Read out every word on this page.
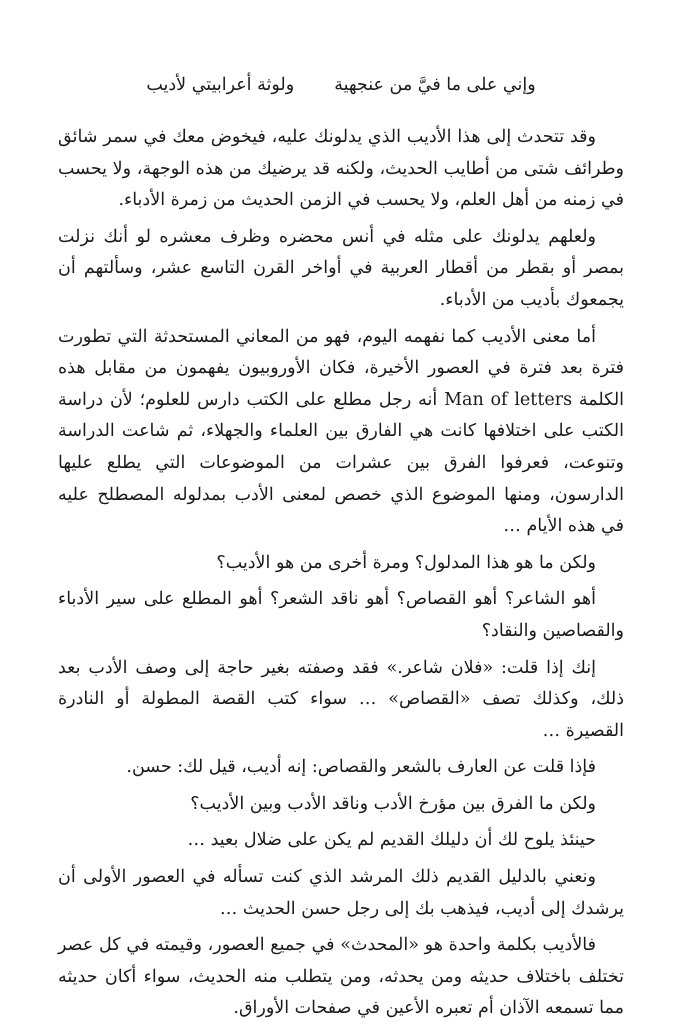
وإني على ما فيَّ من عنجهية
ولوثة أعرابيتي لأديب

وقد تتحدث إلى هذا الأديب الذي يدلونك عليه، فيخوض معك في سمر شائق وطرائف شتى من أطايب الحديث، ولكنه قد يرضيك من هذه الوجهة، ولا يحسب في زمنه من أهل العلم، ولا يحسب في الزمن الحديث من زمرة الأدباء.

ولعلهم يدلونك على مثله في أنس محضره وظرف معشره لو أنك نزلت بمصر أو بقطر من أقطار العربية في أواخر القرن التاسع عشر، وسألتهم أن يجمعوك بأديب من الأدباء.

أما معنى الأديب كما نفهمه اليوم، فهو من المعاني المستحدثة التي تطورت فترة بعد فترة في العصور الأخيرة، فكان الأوروبيون يفهمون من مقابل هذه الكلمة Man of letters أنه رجل مطلع على الكتب دارس للعلوم؛ لأن دراسة الكتب على اختلافها كانت هي الفارق بين العلماء والجهلاء، ثم شاعت الدراسة وتنوعت، فعرفوا الفرق بين عشرات من الموضوعات التي يطلع عليها الدارسون، ومنها الموضوع الذي خصص لمعنى الأدب بمدلوله المصطلح عليه في هذه الأيام …

ولكن ما هو هذا المدلول؟ ومرة أخرى من هو الأديب؟

أهو الشاعر؟ أهو القصاص؟ أهو ناقد الشعر؟ أهو المطلع على سير الأدباء والقصاصين والنقاد؟

إنك إذا قلت: «فلان شاعر.» فقد وصفته بغير حاجة إلى وصف الأدب بعد ذلك، وكذلك تصف «القصاص» … سواء كتب القصة المطولة أو النادرة القصيرة …

فإذا قلت عن العارف بالشعر والقصاص: إنه أديب، قيل لك: حسن.

ولكن ما الفرق بين مؤرخ الأدب وناقد الأدب وبين الأديب؟

حينئذ يلوح لك أن دليلك القديم لم يكن على ضلال بعيد …

ونعني بالدليل القديم ذلك المرشد الذي كنت تسأله في العصور الأولى أن يرشدك إلى أديب، فيذهب بك إلى رجل حسن الحديث …

فالأديب بكلمة واحدة هو «المحدث» في جميع العصور، وقيمته في كل عصر تختلف باختلاف حديثه ومن يحدثه، ومن يتطلب منه الحديث، سواء أكان حديثه مما تسمعه الآذان أم تعبره الأعين في صفحات الأوراق.
